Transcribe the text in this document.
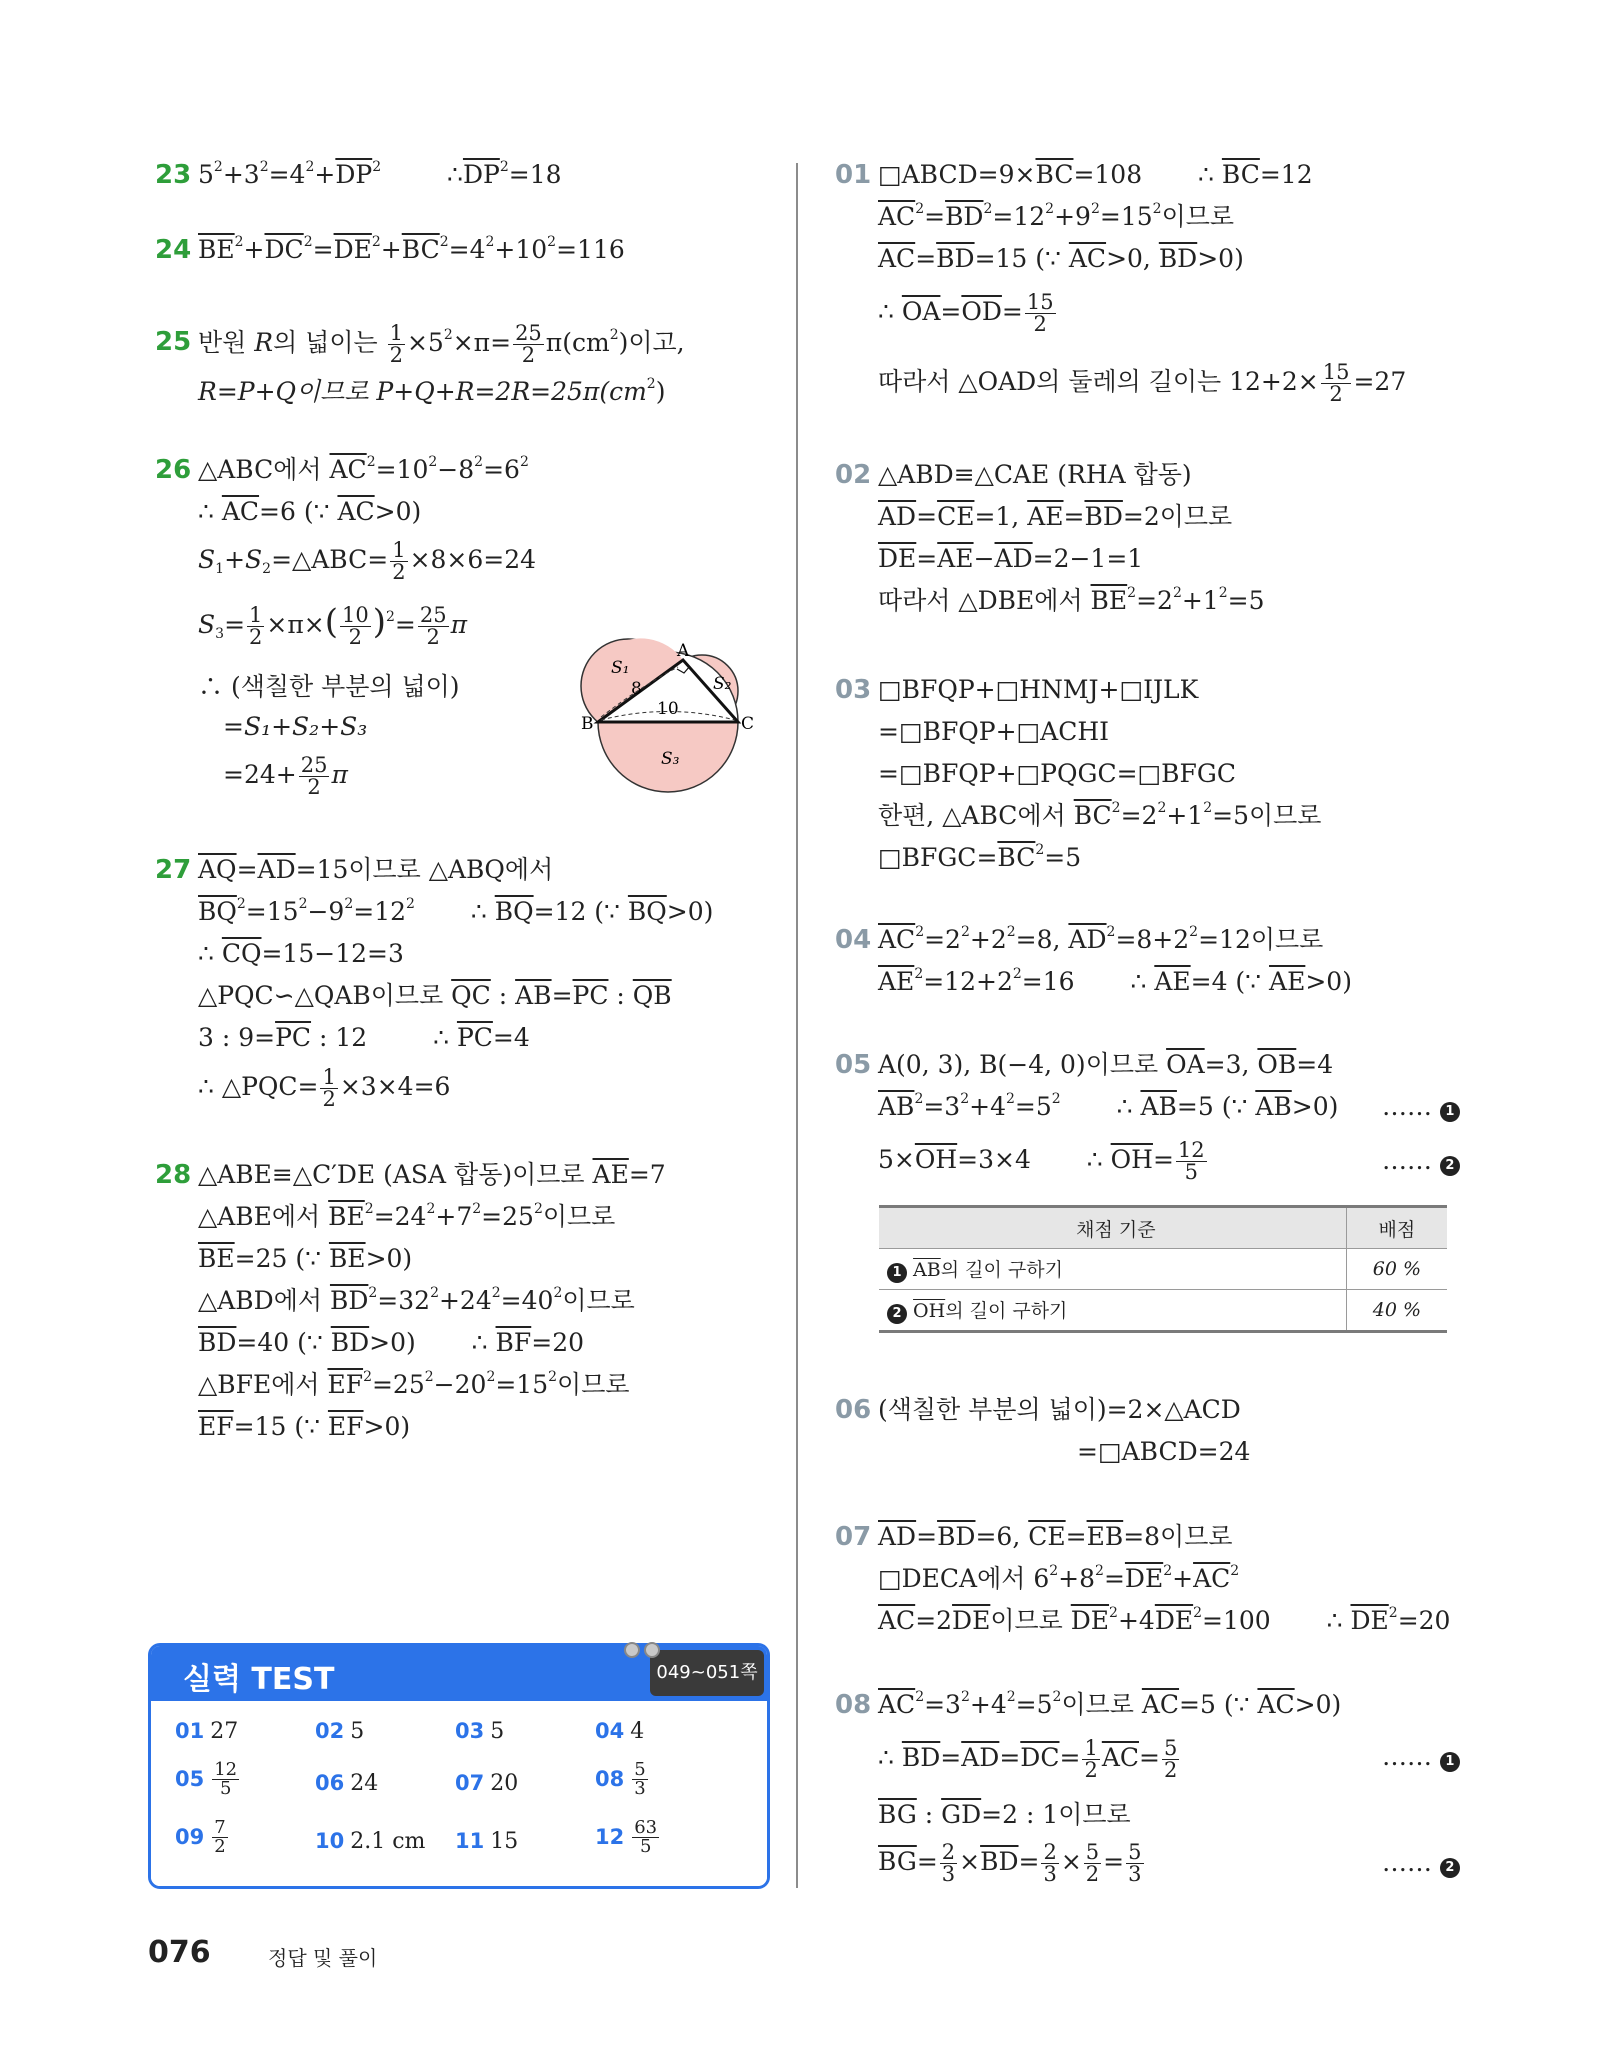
23 $5^2+3^2=4^2+\overline{DP}^2$	$\therefore\overline{DP}^2=18$
24 $\overline{BE}^2+\overline{DC}^2=\overline{DE}^2+\overline{BC}^2=4^2+10^2=116$
25 반원 R의 넓이는 $\frac{1}{2} \times 5^2\times\pi= \frac{25}{2} \pi(cm^2)$이고,
R=P+Q이므로 $P+Q+R=2R=25\pi(cm^2)$
26 △ABC에서 $\overline{AC}^2=10^2-8^2=6^2$
∴ $\overline{AC}=6$ (∵ $\overline{AC}>0$)
$S_1+S_2=\triangle ABC= \frac{1}{2} \times 8\times 6=24$
$S_3= \frac{1}{2} \times\pi\times( \frac{10}{2} )^2= \frac{25}{2}$ π
∴ (색칠한 부분의 넓이)
=S₁+S₂+S₃
$=24+ \frac{25}{2}$ π
A
B	C
S₁
S₂
S₃
8
10
27 $\overline{AQ}=\overline{AD}=15$이므로 △ABQ에서
$\overline{BQ}^2=15^2-9^2=12^2$ ∴ $\overline{BQ}=12$ (∵ $\overline{BQ}>0$)
∴ $\overline{CQ}=15-12=3$
△PQC∽△QAB이므로 $\overline{QC}$ : $\overline{AB}=\overline{PC}$ : $\overline{QB}$
3 : $9=\overline{PC}$ : 12	∴ $\overline{PC}=4$
∴ △PQC= $\frac{1}{2} \times 3\times 4=6$
28 △ABE≡△C′DE (ASA 합동)이므로 $\overline{AE}=7$
△ABE에서 $\overline{BE}^2=24^2+7^2=25^2$이므로
$\overline{BE}=25$ (∵ $\overline{BE}>0$)
△ABD에서 $\overline{BD}^2=32^2+24^2=40^2$이므로
$\overline{BD}=40$ (∵ $\overline{BD}>0$) ∴ $\overline{BF}=20$
△BFE에서 $\overline{EF}^2=25^2-20^2=15^2$이므로
$\overline{EF}=15$ (∵ $\overline{EF}>0$)
01 $□ABCD=9\times\overline{BC}=108$ ∴ $\overline{BC}=12$
$\overline{AC}^2=\overline{BD}^2=12^2+9^2=15^2$이므로
$\overline{AC}=\overline{BD}=15$ (∵ $\overline{AC}>0$, $\overline{BD}>0$)
∴ $\overline{OA}=\overline{OD}= \frac{15}{2}$
따라서 △OAD의 둘레의 길이는 $12+2\times \frac{15}{2} =27$
02 △ABD≡△CAE (RHA 합동)
$\overline{AD}=\overline{CE}=1$, $\overline{AE}=\overline{BD}=2$이므로
$\overline{DE}=\overline{AE}-\overline{AD}=2-1=1$
따라서 △DBE에서 $\overline{BE}^2=2^2+1^2=5$
03 □BFQP+□HNMJ+□IJLK
=□BFQP+□ACHI
=□BFQP+□PQGC=□BFGC
한편, △ABC에서 $\overline{BC}^2=2^2+1^2=5$이므로
$□BFGC=\overline{BC}^2=5$
04 $\overline{AC}^2=2^2+2^2=8$, $\overline{AD}^2=8+2^2=12$이므로
$\overline{AE}^2=12+2^2=16$ ∴ $\overline{AE}=4$ (∵ $\overline{AE}>0$)
05 A(0, 3), B(−4, 0)이므로 $\overline{OA}=3$, $\overline{OB}=4$
$\overline{AB}^2=3^2+4^2=5^2$ ∴ $\overline{AB}=5$ (∵ $\overline{AB}>0$) …… 1
$5\times\overline{OH}=3\times 4$ ∴ $\overline{OH}= \frac{12}{5}$	…… 2
채점 기준	배점
1 $\overline{AB}$의 길이 구하기	60 %
2 $\overline{OH}$의 길이 구하기	40 %
06 (색칠한 부분의 넓이)=2×△ACD
=□ABCD=24
07 $\overline{AD}=\overline{BD}=6$, $\overline{CE}=\overline{EB}=8$이므로
□DECA에서 $6^2+8^2=\overline{DE}^2+\overline{AC}^2$
$\overline{AC}=2\overline{DE}$이므로 $\overline{DE}^2+4\overline{DE}^2=100$ ∴ $\overline{DE}^2=20$
08 $\overline{AC}^2=3^2+4^2=5^2$이므로 $\overline{AC}=5$ (∵ $\overline{AC}>0$)
∴ $\overline{BD}=\overline{AD}=\overline{DC}= \frac{1}{2} \overline{AC}= \frac{5}{2}$	…… 1
$\overline{BG}$ : $\overline{GD}=2$ : 1이므로
$\overline{BG}= \frac{2}{3} \times\overline{BD}= \frac{2}{3} \times \frac{5}{2} = \frac{5}{3}$	…… 2
실력 TEST
01 27	02 5	03 5	04 4
$05 \frac{12}{5}$	06 24	07 20	$08 \frac{5}{3}$
$09 \frac{7}{2}$	10 2.1 cm 11 15	$12 \frac{63}{5}$
049~051쪽
076	정답 및 풀이
